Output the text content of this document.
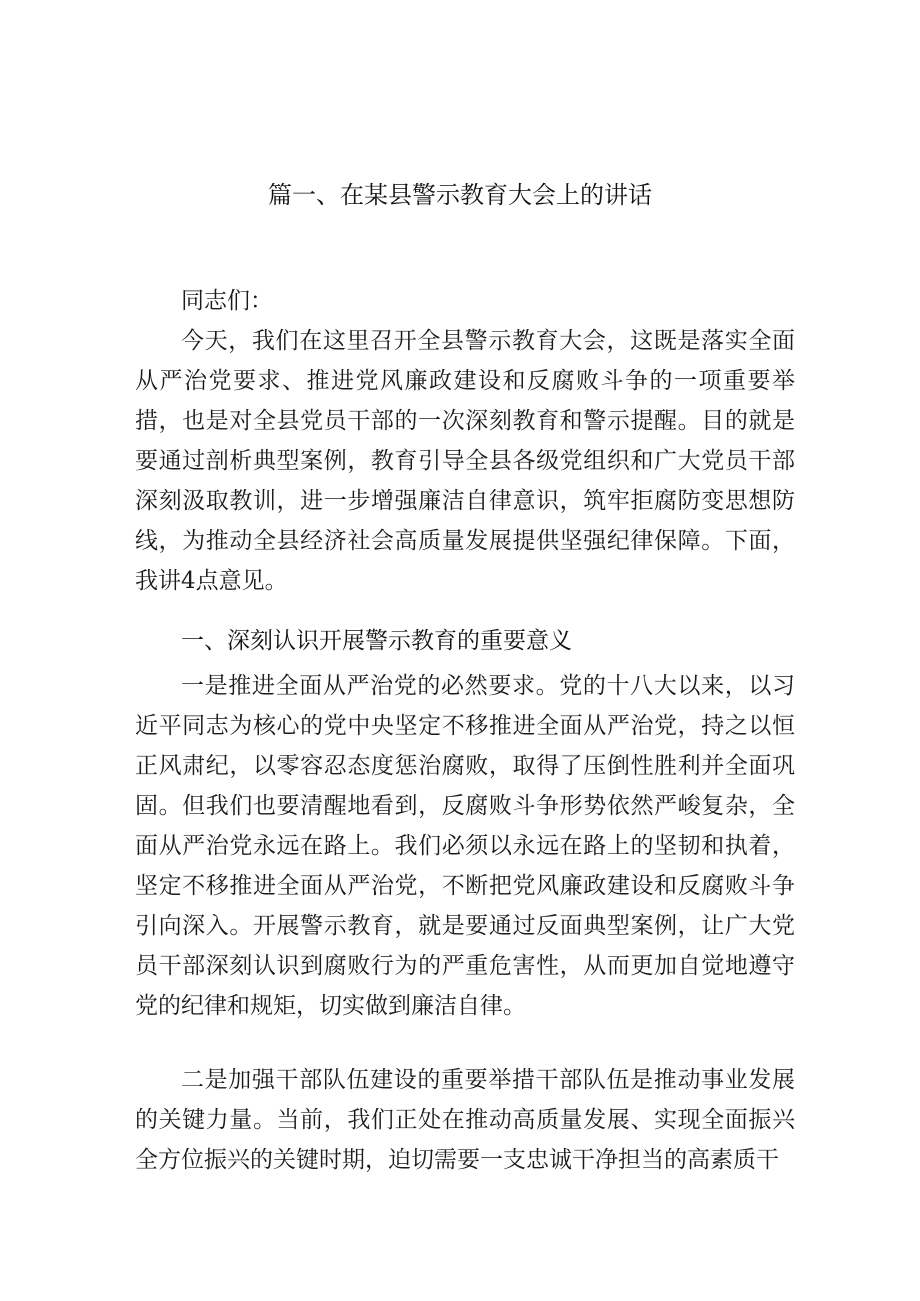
篇一、在某县警示教育大会上的讲话
同志们：

今天，我们在这里召开全县警示教育大会，这既是落实全面从严治党要求、推进党风廉政建设和反腐败斗争的一项重要举措，也是对全县党员干部的一次深刻教育和警示提醒。目的就是要通过剖析典型案例，教育引导全县各级党组织和广大党员干部深刻汲取教训，进一步增强廉洁自律意识，筑牢拒腐防变思想防线，为推动全县经济社会高质量发展提供坚强纪律保障。下面，我讲4点意见。

一、深刻认识开展警示教育的重要意义

一是推进全面从严治党的必然要求。党的十八大以来，以习近平同志为核心的党中央坚定不移推进全面从严治党，持之以恒正风肃纪，以零容忍态度惩治腐败，取得了压倒性胜利并全面巩固。但我们也要清醒地看到，反腐败斗争形势依然严峻复杂，全面从严治党永远在路上。我们必须以永远在路上的坚韧和执着，坚定不移推进全面从严治党，不断把党风廉政建设和反腐败斗争引向深入。开展警示教育，就是要通过反面典型案例，让广大党员干部深刻认识到腐败行为的严重危害性，从而更加自觉地遵守党的纪律和规矩，切实做到廉洁自律。

二是加强干部队伍建设的重要举措干部队伍是推动事业发展的关键力量。当前，我们正处在推动高质量发展、实现全面振兴全方位振兴的关键时期，迫切需要一支忠诚干净担当的高素质干
